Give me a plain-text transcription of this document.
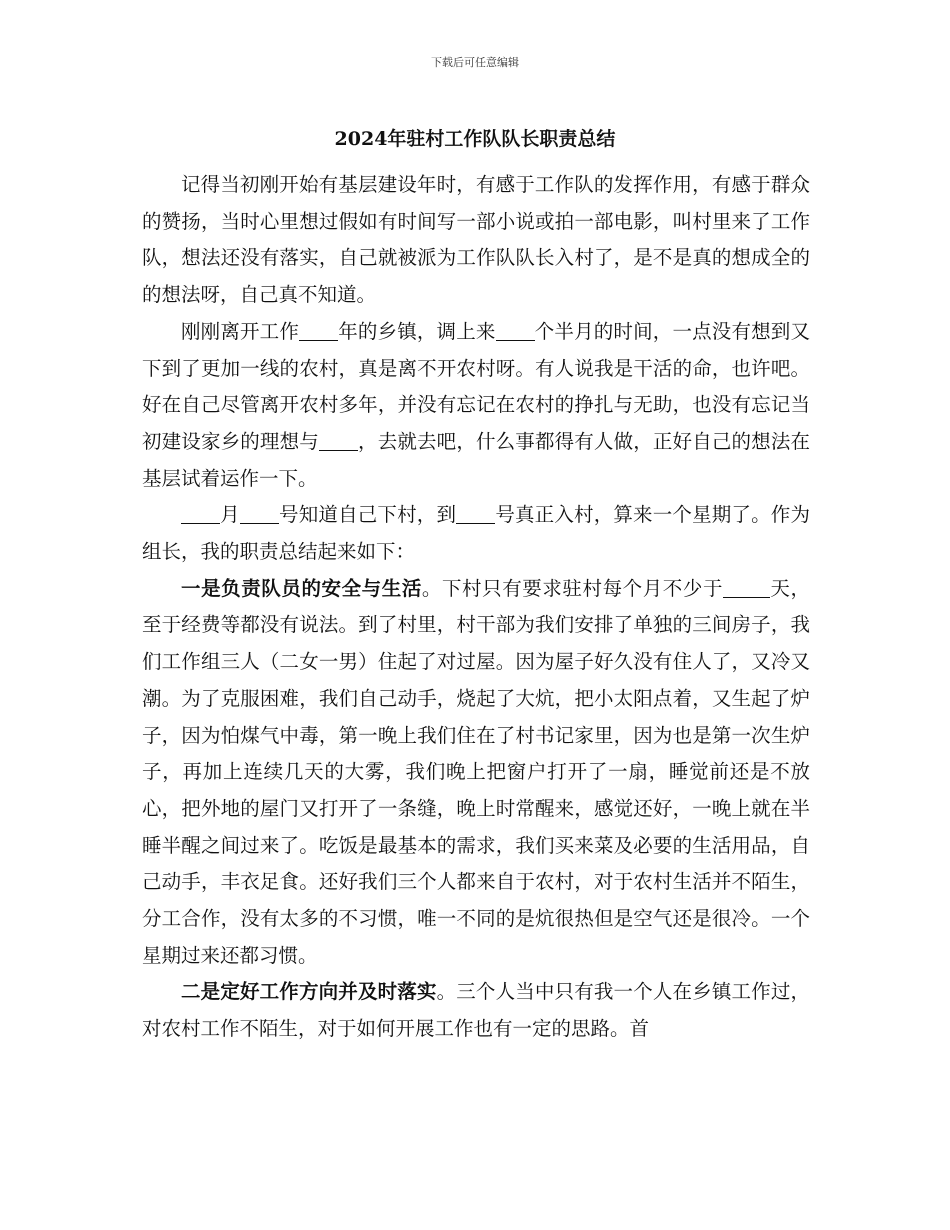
下载后可任意编辑
2024年驻村工作队队长职责总结

记得当初刚开始有基层建设年时，有感于工作队的发挥作用，有感于群众的赞扬，当时心里想过假如有时间写一部小说或拍一部电影，叫村里来了工作队，想法还没有落实，自己就被派为工作队队长入村了，是不是真的想成全的的想法呀，自己真不知道。

刚刚离开工作 年的乡镇，调上来 个半月的时间，一点没有想到又下到了更加一线的农村，真是离不开农村呀。有人说我是干活的命，也许吧。好在自己尽管离开农村多年，并没有忘记在农村的挣扎与无助，也没有忘记当初建设家乡的理想与 ，去就去吧，什么事都得有人做，正好自己的想法在基层试着运作一下。

月 号知道自己下村，到 号真正入村，算来一个星期了。作为组长，我的职责总结起来如下：

一是负责队员的安全与生活。下村只有要求驻村每个月不少于 天，至于经费等都没有说法。到了村里，村干部为我们安排了单独的三间房子，我们工作组三人（二女一男）住起了对过屋。因为屋子好久没有住人了，又冷又潮。为了克服困难，我们自己动手，烧起了大炕，把小太阳点着，又生起了炉子，因为怕煤气中毒，第一晚上我们住在了村书记家里，因为也是第一次生炉子，再加上连续几天的大雾，我们晚上把窗户打开了一扇，睡觉前还是不放心，把外地的屋门又打开了一条缝，晚上时常醒来，感觉还好，一晚上就在半睡半醒之间过来了。吃饭是最基本的需求，我们买来菜及必要的生活用品，自己动手，丰衣足食。还好我们三个人都来自于农村，对于农村生活并不陌生，分工合作，没有太多的不习惯，唯一不同的是炕很热但是空气还是很冷。一个星期过来还都习惯。

二是定好工作方向并及时落实。三个人当中只有我一个人在乡镇工作过，对农村工作不陌生，对于如何开展工作也有一定的思路。首
